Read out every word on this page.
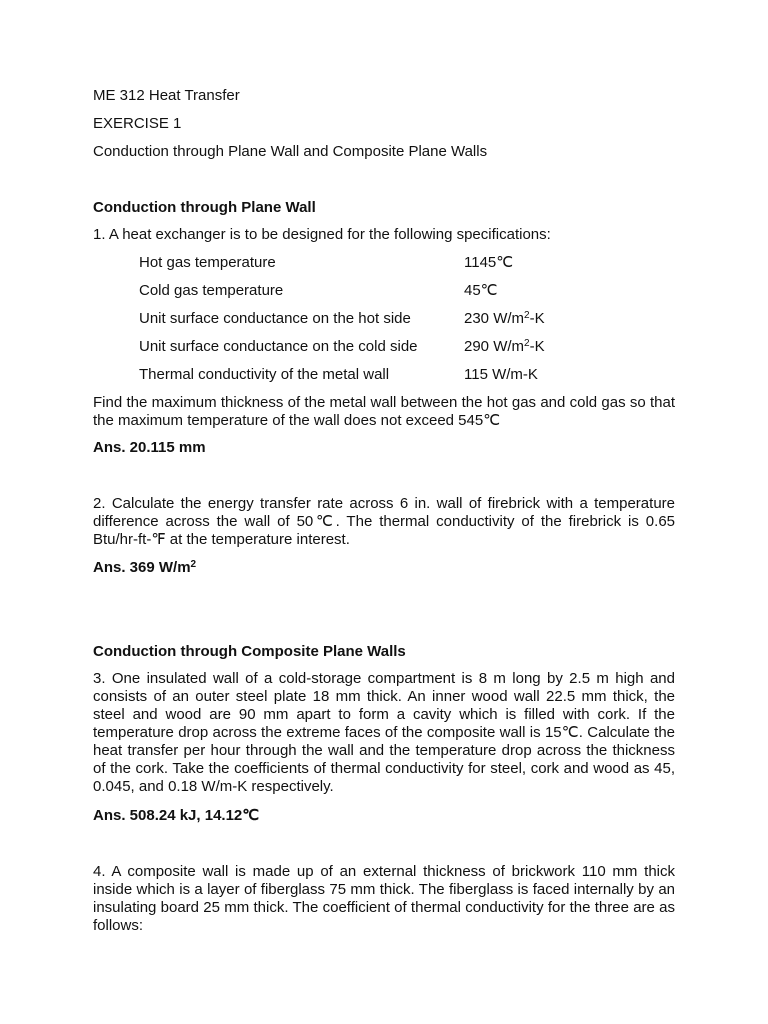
ME 312 Heat Transfer
EXERCISE 1
Conduction through Plane Wall and Composite Plane Walls
Conduction through Plane Wall
1. A heat exchanger is to be designed for the following specifications:
Hot gas temperature	1145℃
Cold gas temperature	45℃
Unit surface conductance on the hot side	230 $W/m^2-K$
Unit surface conductance on the cold side	290 $W/m^2-K$
Thermal conductivity of the metal wall	115 W/m-K
Find the maximum thickness of the metal wall between the hot gas and cold gas so that the maximum temperature of the wall does not exceed 545℃
Ans. 20.115 mm
2. Calculate the energy transfer rate across 6 in. wall of firebrick with a temperature difference across the wall of 50℃. The thermal conductivity of the firebrick is 0.65 Btu/hr-ft-℉ at the temperature interest.
Ans. 369 $W/m^2$
Conduction through Composite Plane Walls
3. One insulated wall of a cold-storage compartment is 8 m long by 2.5 m high and consists of an outer steel plate 18 mm thick. An inner wood wall 22.5 mm thick, the steel and wood are 90 mm apart to form a cavity which is filled with cork. If the temperature drop across the extreme faces of the composite wall is 15℃. Calculate the heat transfer per hour through the wall and the temperature drop across the thickness of the cork. Take the coefficients of thermal conductivity for steel, cork and wood as 45, 0.045, and 0.18 W/m-K respectively.
Ans. 508.24 kJ, 14.12℃
4. A composite wall is made up of an external thickness of brickwork 110 mm thick inside which is a layer of fiberglass 75 mm thick. The fiberglass is faced internally by an insulating board 25 mm thick. The coefficient of thermal conductivity for the three are as follows:
